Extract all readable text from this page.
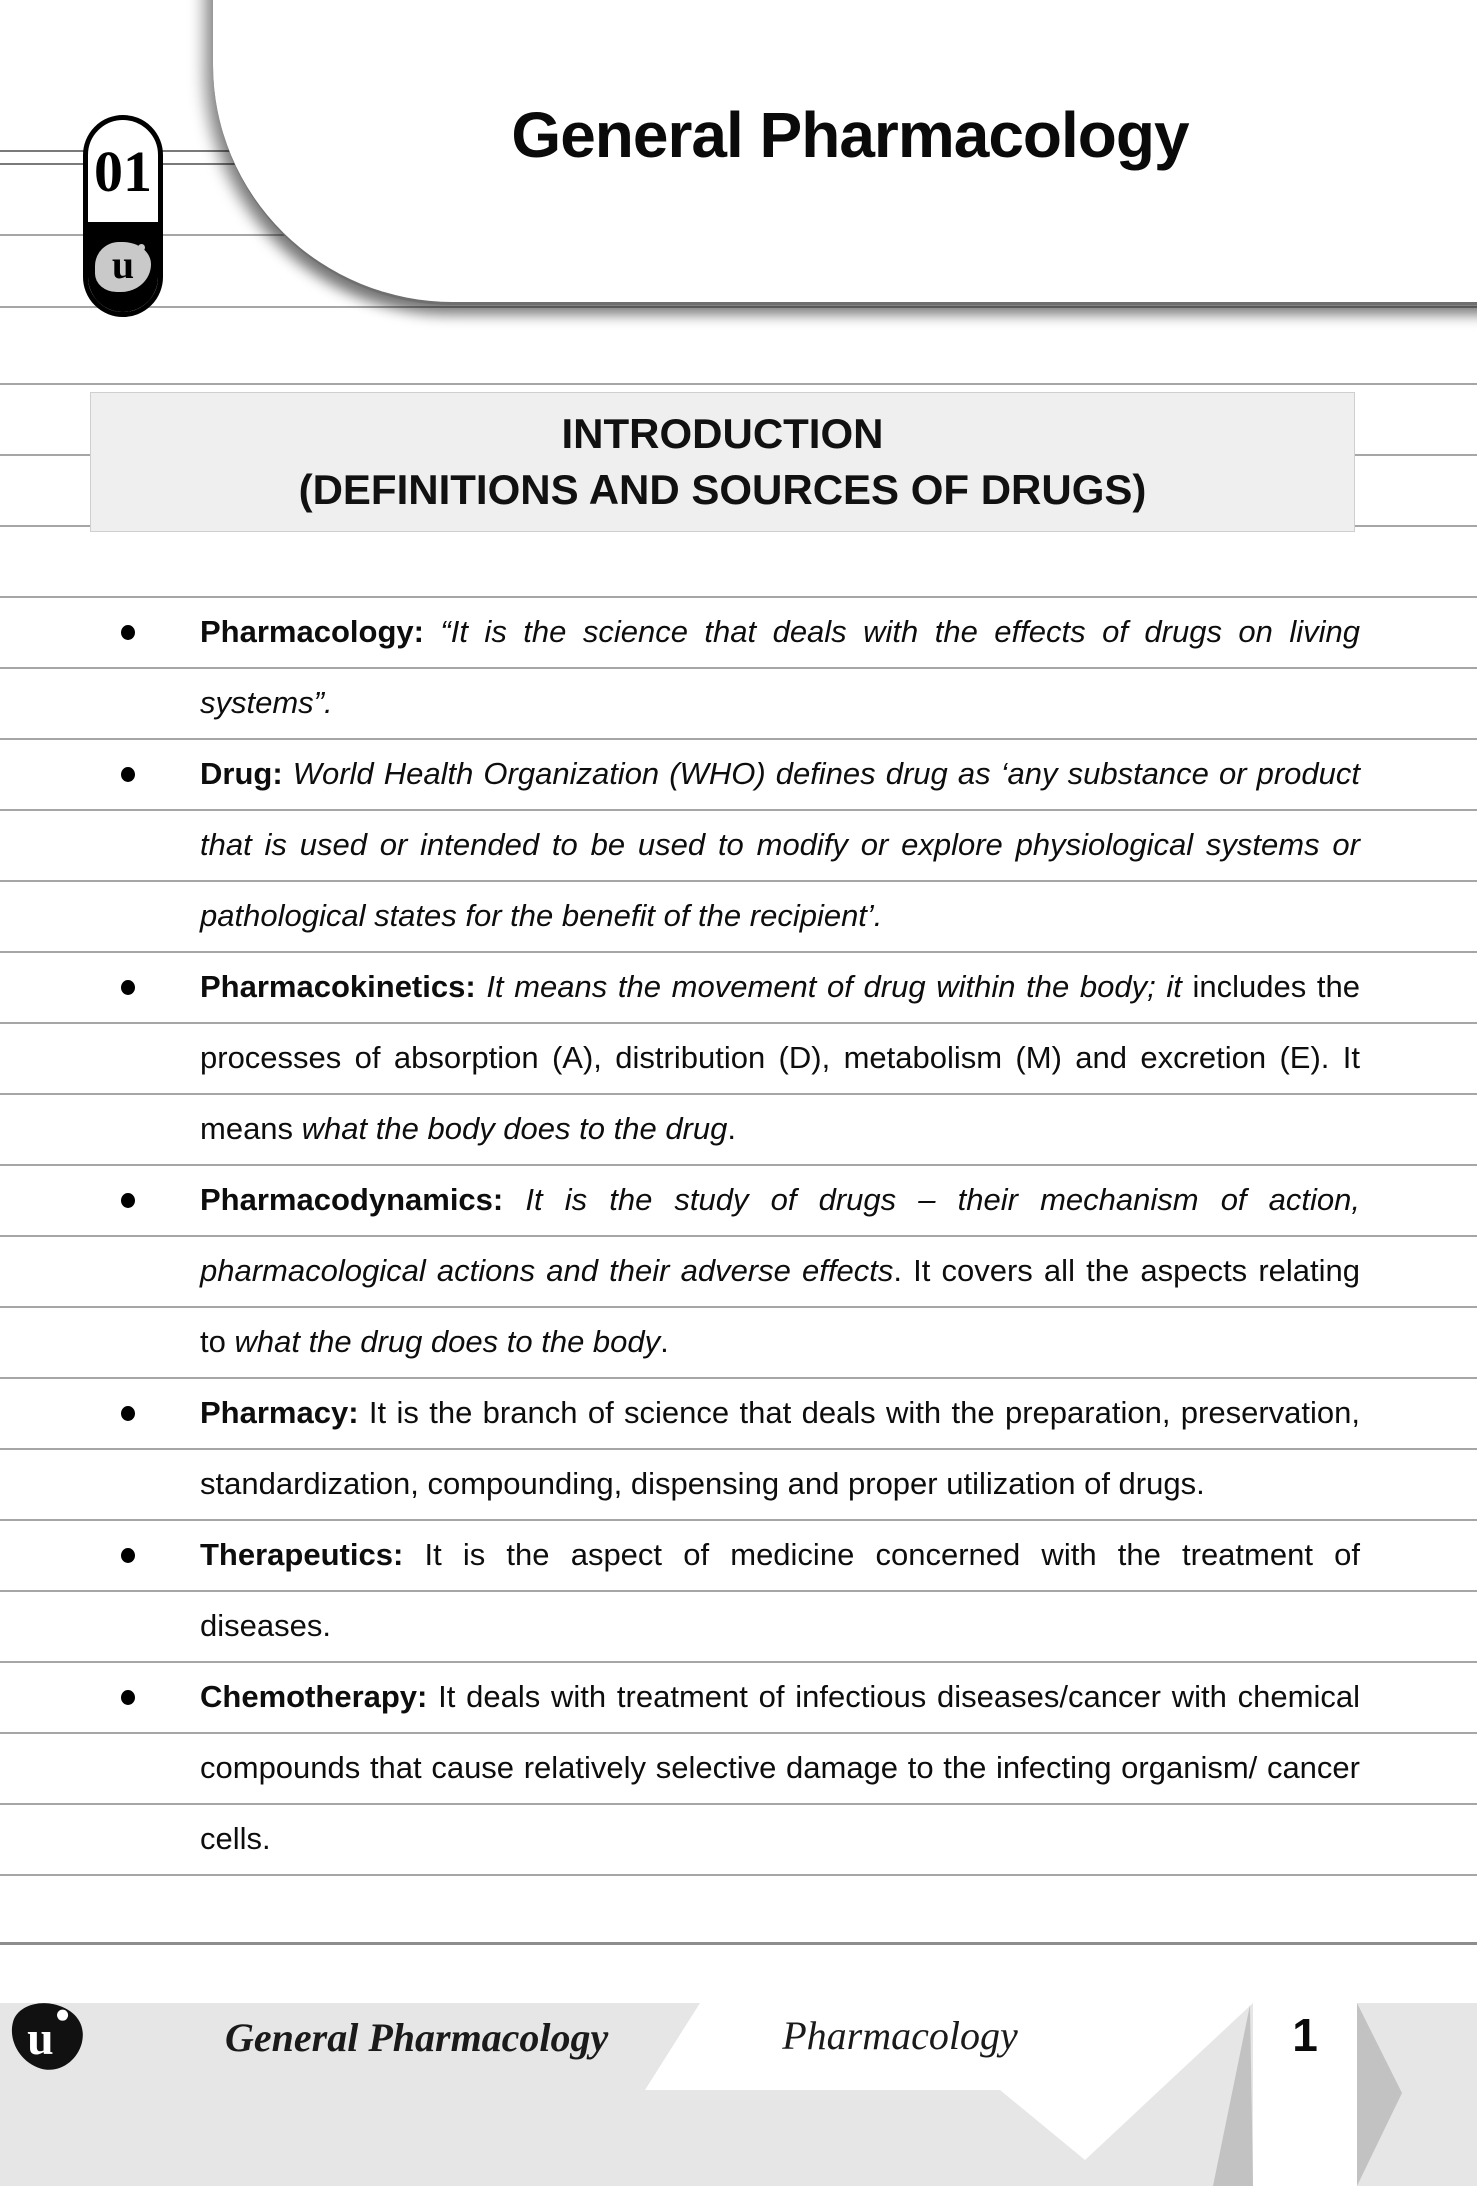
General Pharmacology
01
u
INTRODUCTION
(DEFINITIONS AND SOURCES OF DRUGS)
Pharmacology: “It is the science that deals with the effects of drugs on living systems”.
Drug: World Health Organization (WHO) defines drug as ‘any substance or product that is used or intended to be used to modify or explore physiological systems or pathological states for the benefit of the recipient’.
Pharmacokinetics: It means the movement of drug within the body; it includes the processes of absorption (A), distribution (D), metabolism (M) and excretion (E). It means what the body does to the drug.
Pharmacodynamics: It is the study of drugs – their mechanism of action, pharmacological actions and their adverse effects. It covers all the aspects relating to what the drug does to the body.
Pharmacy: It is the branch of science that deals with the preparation, preservation, standardization, compounding, dispensing and proper utilization of drugs.
Therapeutics: It is the aspect of medicine concerned with the treatment of diseases.
Chemotherapy: It deals with treatment of infectious diseases/cancer with chemical compounds that cause relatively selective damage to the infecting organism/ cancer cells.
u	General Pharmacology	Pharmacology	1
